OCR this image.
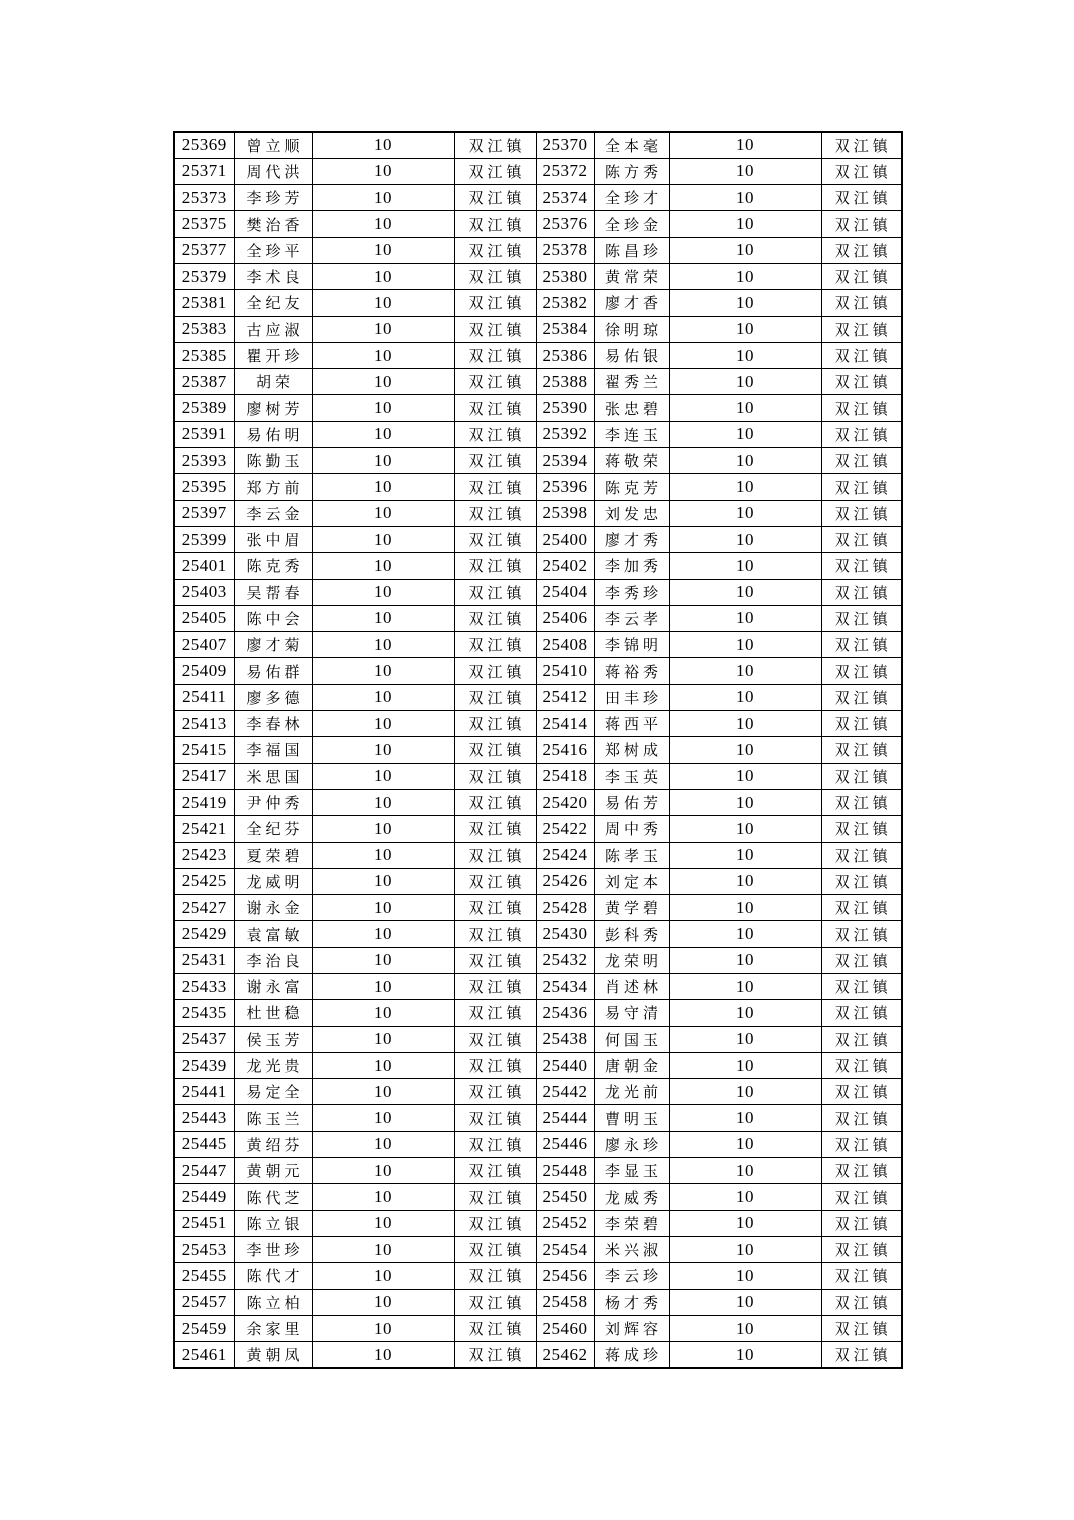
25369	曾立顺	10	双江镇	25370	全本毫	10	双江镇
25371	周代洪	10	双江镇	25372	陈方秀	10	双江镇
25373	李珍芳	10	双江镇	25374	全珍才	10	双江镇
25375	樊治香	10	双江镇	25376	全珍金	10	双江镇
25377	全珍平	10	双江镇	25378	陈昌珍	10	双江镇
25379	李术良	10	双江镇	25380	黄常荣	10	双江镇
25381	全纪友	10	双江镇	25382	廖才香	10	双江镇
25383	古应淑	10	双江镇	25384	徐明琼	10	双江镇
25385	瞿开珍	10	双江镇	25386	易佑银	10	双江镇
25387	胡荣	10	双江镇	25388	翟秀兰	10	双江镇
25389	廖树芳	10	双江镇	25390	张忠碧	10	双江镇
25391	易佑明	10	双江镇	25392	李连玉	10	双江镇
25393	陈勤玉	10	双江镇	25394	蒋敬荣	10	双江镇
25395	郑方前	10	双江镇	25396	陈克芳	10	双江镇
25397	李云金	10	双江镇	25398	刘发忠	10	双江镇
25399	张中眉	10	双江镇	25400	廖才秀	10	双江镇
25401	陈克秀	10	双江镇	25402	李加秀	10	双江镇
25403	吴帮春	10	双江镇	25404	李秀珍	10	双江镇
25405	陈中会	10	双江镇	25406	李云孝	10	双江镇
25407	廖才菊	10	双江镇	25408	李锦明	10	双江镇
25409	易佑群	10	双江镇	25410	蒋裕秀	10	双江镇
25411	廖多德	10	双江镇	25412	田丰珍	10	双江镇
25413	李春林	10	双江镇	25414	蒋西平	10	双江镇
25415	李福国	10	双江镇	25416	郑树成	10	双江镇
25417	米思国	10	双江镇	25418	李玉英	10	双江镇
25419	尹仲秀	10	双江镇	25420	易佑芳	10	双江镇
25421	全纪芬	10	双江镇	25422	周中秀	10	双江镇
25423	夏荣碧	10	双江镇	25424	陈孝玉	10	双江镇
25425	龙威明	10	双江镇	25426	刘定本	10	双江镇
25427	谢永金	10	双江镇	25428	黄学碧	10	双江镇
25429	袁富敏	10	双江镇	25430	彭科秀	10	双江镇
25431	李治良	10	双江镇	25432	龙荣明	10	双江镇
25433	谢永富	10	双江镇	25434	肖述林	10	双江镇
25435	杜世稳	10	双江镇	25436	易守清	10	双江镇
25437	侯玉芳	10	双江镇	25438	何国玉	10	双江镇
25439	龙光贵	10	双江镇	25440	唐朝金	10	双江镇
25441	易定全	10	双江镇	25442	龙光前	10	双江镇
25443	陈玉兰	10	双江镇	25444	曹明玉	10	双江镇
25445	黄绍芬	10	双江镇	25446	廖永珍	10	双江镇
25447	黄朝元	10	双江镇	25448	李显玉	10	双江镇
25449	陈代芝	10	双江镇	25450	龙威秀	10	双江镇
25451	陈立银	10	双江镇	25452	李荣碧	10	双江镇
25453	李世珍	10	双江镇	25454	米兴淑	10	双江镇
25455	陈代才	10	双江镇	25456	李云珍	10	双江镇
25457	陈立柏	10	双江镇	25458	杨才秀	10	双江镇
25459	余家里	10	双江镇	25460	刘辉容	10	双江镇
25461	黄朝凤	10	双江镇	25462	蒋成珍	10	双江镇
